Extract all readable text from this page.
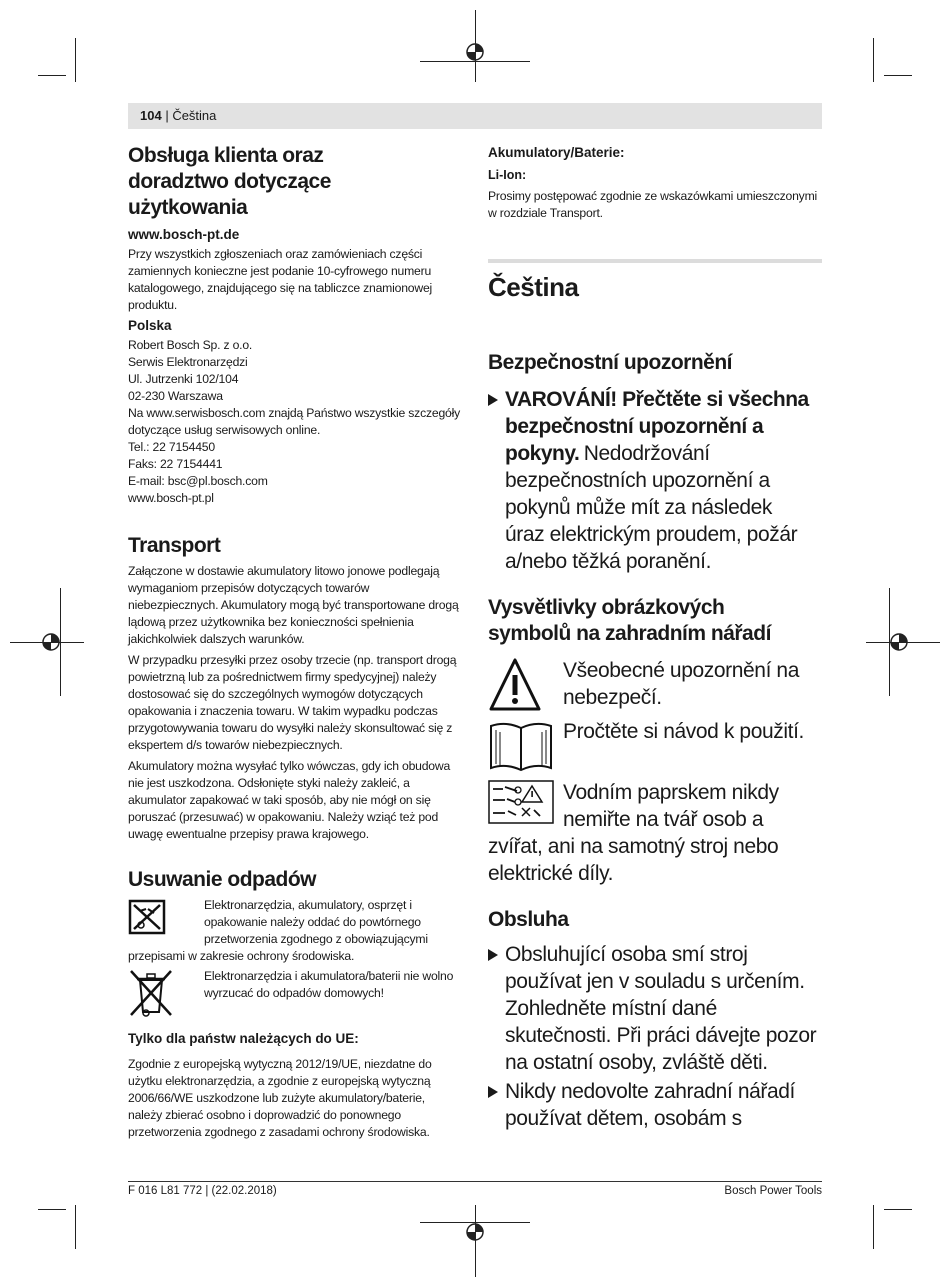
104 | Čeština
Obsługa klienta oraz doradztwo dotyczące użytkowania
www.bosch-pt.de

Przy wszystkich zgłoszeniach oraz zamówieniach części zamiennych konieczne jest podanie 10-cyfrowego numeru katalogowego, znajdującego się na tabliczce znamionowej produktu.

Polska

Robert Bosch Sp. z o.o.

Serwis Elektronarzędzi

Ul. Jutrzenki 102/104

02-230 Warszawa

Na www.serwisbosch.com znajdą Państwo wszystkie szczegóły dotyczące usług serwisowych online.

Tel.: 22 7154450

Faks: 22 7154441

E-mail: bsc@pl.bosch.com

www.bosch-pt.pl

Transport

Załączone w dostawie akumulatory litowo jonowe podlegają wymaganiom przepisów dotyczących towarów niebezpiecznych. Akumulatory mogą być transportowane drogą lądową przez użytkownika bez konieczności spełnienia jakichkolwiek dalszych warunków.

W przypadku przesyłki przez osoby trzecie (np. transport drogą powietrzną lub za pośrednictwem firmy spedycyjnej) należy dostosować się do szczególnych wymogów dotyczących opakowania i znaczenia towaru. W takim wypadku podczas przygotowywania towaru do wysyłki należy skonsultować się z ekspertem d/s towarów niebezpiecznych.

Akumulatory można wysyłać tylko wówczas, gdy ich obudowa nie jest uszkodzona. Odsłonięte styki należy zakleić, a akumulator zapakować w taki sposób, aby nie mógł on się poruszać (przesuwać) w opakowaniu. Należy wziąć też pod uwagę ewentualne przepisy prawa krajowego.

Usuwanie odpadów

Elektronarzędzia, akumulatory, osprzęt i opakowanie należy oddać do powtórnego przetworzenia zgodnego z obowiązującymi przepisami w zakresie ochrony środowiska.

Elektronarzędzia i akumulatora/baterii nie wolno wyrzucać do odpadów domowych!

Tylko dla państw należących do UE:

Zgodnie z europejską wytyczną 2012/19/UE, niezdatne do użytku elektronarzędzia, a zgodnie z europejską wytyczną 2006/66/WE uszkodzone lub zużyte akumulatory/baterie, należy zbierać osobno i doprowadzić do ponownego przetworzenia zgodnego z zasadami ochrony środowiska.

Akumulatory/Baterie:
Li-Ion:

Prosimy postępować zgodnie ze wskazówkami umieszczonymi w rozdziale Transport.

Čeština
Bezpečnostní upozornění
VAROVÁNÍ! Přečtěte si všechna bezpečnostní upozornění a pokyny. Nedodržování bezpečnostních upozornění a pokynů může mít za následek úraz elektrickým proudem, požár a/nebo těžká poranění.
Vysvětlivky obrázkových symbolů na zahradním nářadí
Všeobecné upozornění na nebezpečí.
Pročtěte si návod k použití.
Vodním paprskem nikdy nemiřte na tvář osob a zvířat, ani na samotný stroj nebo elektrické díly.
Obsluha
Obsluhující osoba smí stroj používat jen v souladu s určením. Zohledněte místní dané skutečnosti. Při práci dávejte pozor na ostatní osoby, zvláště děti.
Nikdy nedovolte zahradní nářadí používat dětem, osobám s
F 016 L81 772 | (22.02.2018)	Bosch Power Tools
